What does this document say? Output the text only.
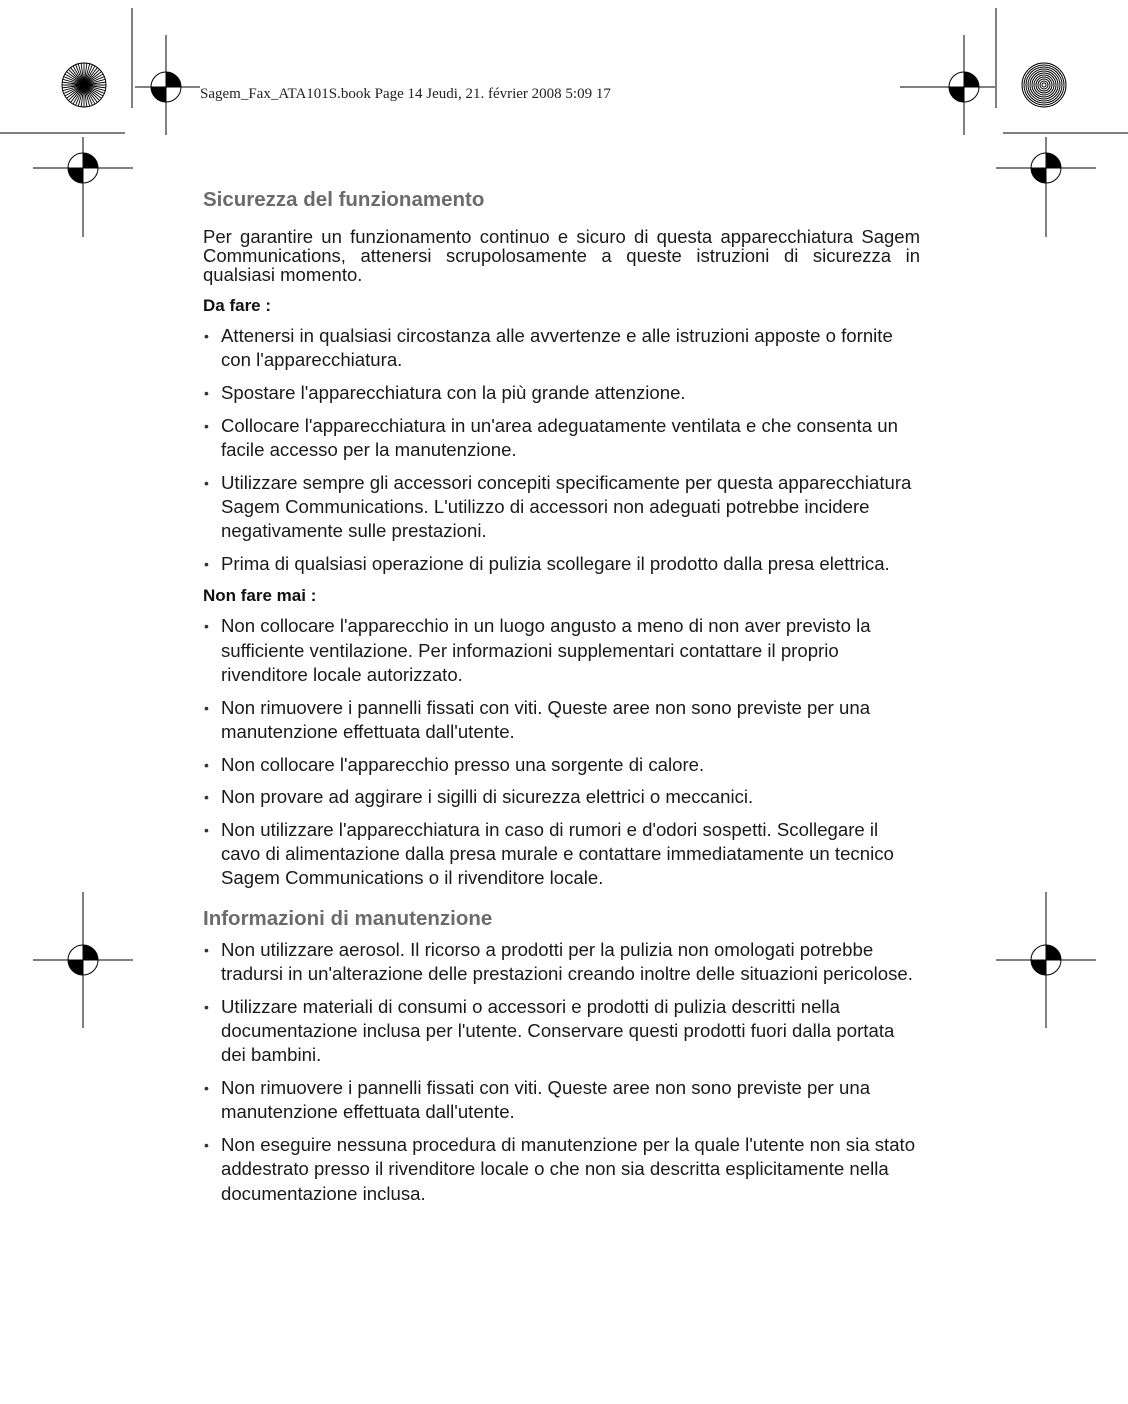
Sagem_Fax_ATA101S.book Page 14 Jeudi, 21. février 2008 5:09 17

Sicurezza del funzionamento

Per garantire un funzionamento continuo e sicuro di questa apparecchiatura Sagem Communications, attenersi scrupolosamente a queste istruzioni di sicurezza in qualsiasi momento.

Da fare :
• Attenersi in qualsiasi circostanza alle avvertenze e alle istruzioni apposte o fornite con l'apparecchiatura.
• Spostare l'apparecchiatura con la più grande attenzione.
• Collocare l'apparecchiatura in un'area adeguatamente ventilata e che consenta un facile accesso per la manutenzione.
• Utilizzare sempre gli accessori concepiti specificamente per questa apparecchiatura Sagem Communications. L'utilizzo di accessori non adeguati potrebbe incidere negativamente sulle prestazioni.
• Prima di qualsiasi operazione di pulizia scollegare il prodotto dalla presa elettrica.
Non fare mai :
• Non collocare l'apparecchio in un luogo angusto a meno di non aver previsto la sufficiente ventilazione. Per informazioni supplementari contattare il proprio rivenditore locale autorizzato.
• Non rimuovere i pannelli fissati con viti. Queste aree non sono previste per una manutenzione effettuata dall'utente.
• Non collocare l'apparecchio presso una sorgente di calore.
• Non provare ad aggirare i sigilli di sicurezza elettrici o meccanici.
• Non utilizzare l'apparecchiatura in caso di rumori e d'odori sospetti. Scollegare il cavo di alimentazione dalla presa murale e contattare immediatamente un tecnico Sagem Communications o il rivenditore locale.
Informazioni di manutenzione
• Non utilizzare aerosol. Il ricorso a prodotti per la pulizia non omologati potrebbe tradursi in un'alterazione delle prestazioni creando inoltre delle situazioni pericolose.
• Utilizzare materiali di consumi o accessori e prodotti di pulizia descritti nella documentazione inclusa per l'utente. Conservare questi prodotti fuori dalla portata dei bambini.
• Non rimuovere i pannelli fissati con viti. Queste aree non sono previste per una manutenzione effettuata dall'utente.
• Non eseguire nessuna procedura di manutenzione per la quale l'utente non sia stato addestrato presso il rivenditore locale o che non sia descritta esplicitamente nella documentazione inclusa.
